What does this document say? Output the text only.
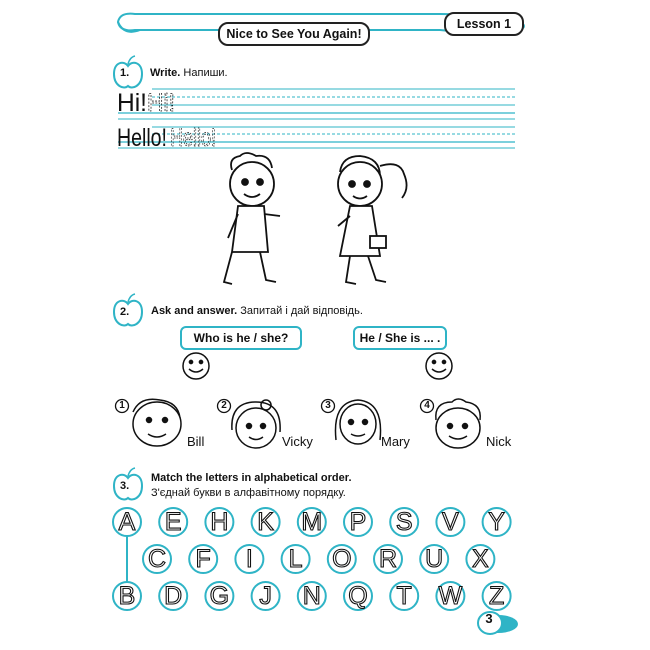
Nice to See You Again!
Lesson 1
1. Write. Напиши.
Hi! Hi!
Hello! Hello!
2. Ask and answer. Запитай і дай відповідь.
Who is he / she?	He / She is ... .
1	2	3	4
Bill	Vicky	Mary	Nick
3.
Match the letters in alphabetical order.
З'єднай букви в алфавітному порядку.
A E H K M P S V Y
C F	I	L O R U X
B D G	J	N Q T W Z
3
